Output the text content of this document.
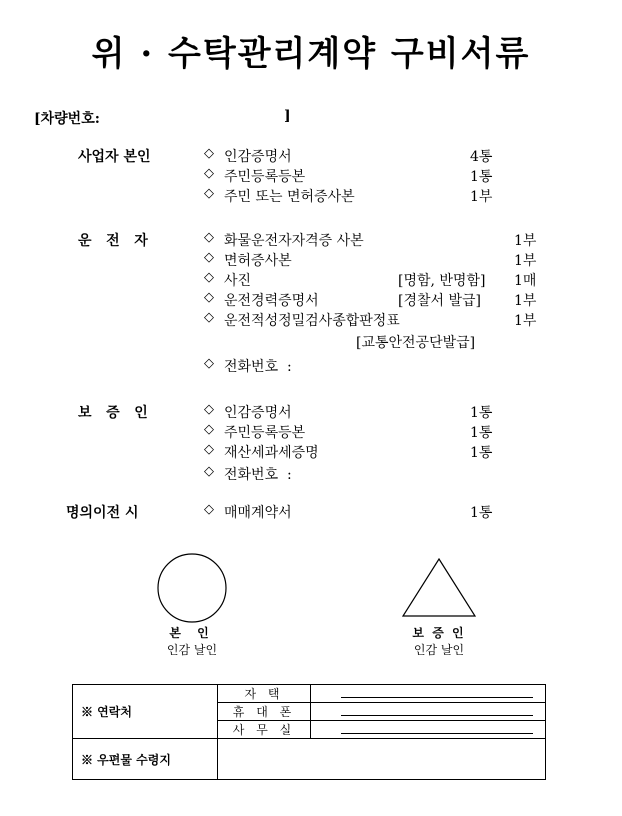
위 · 수탁관리계약 구비서류
[차량번호:	]
사업자 본인	◇ 인감증명서	4통
◇ 주민등록등본	1통
◇ 주민 또는 면허증사본	1부
운   전   자	◇ 화물운전자자격증 사본	1부
◇ 면허증사본	1부
◇ 사진	[명함, 반명함] 1매
◇ 운전경력증명서	[경찰서 발급] 1부
◇ 운전적성정밀검사종합판정표	1부
[교통안전공단발급]
◇ 전화번호  :
보   증   인	◇ 인감증명서	1통
◇ 주민등록등본	1통
◇ 재산세과세증명	1통
◇ 전화번호  :
명의이전 시	◇ 매매계약서	1통
본 인
인감 날인
보 증 인
인감 날인
※ 연락처	자 택	
	휴 대 폰	
	사 무 실	
※ 우편물 수령지		
